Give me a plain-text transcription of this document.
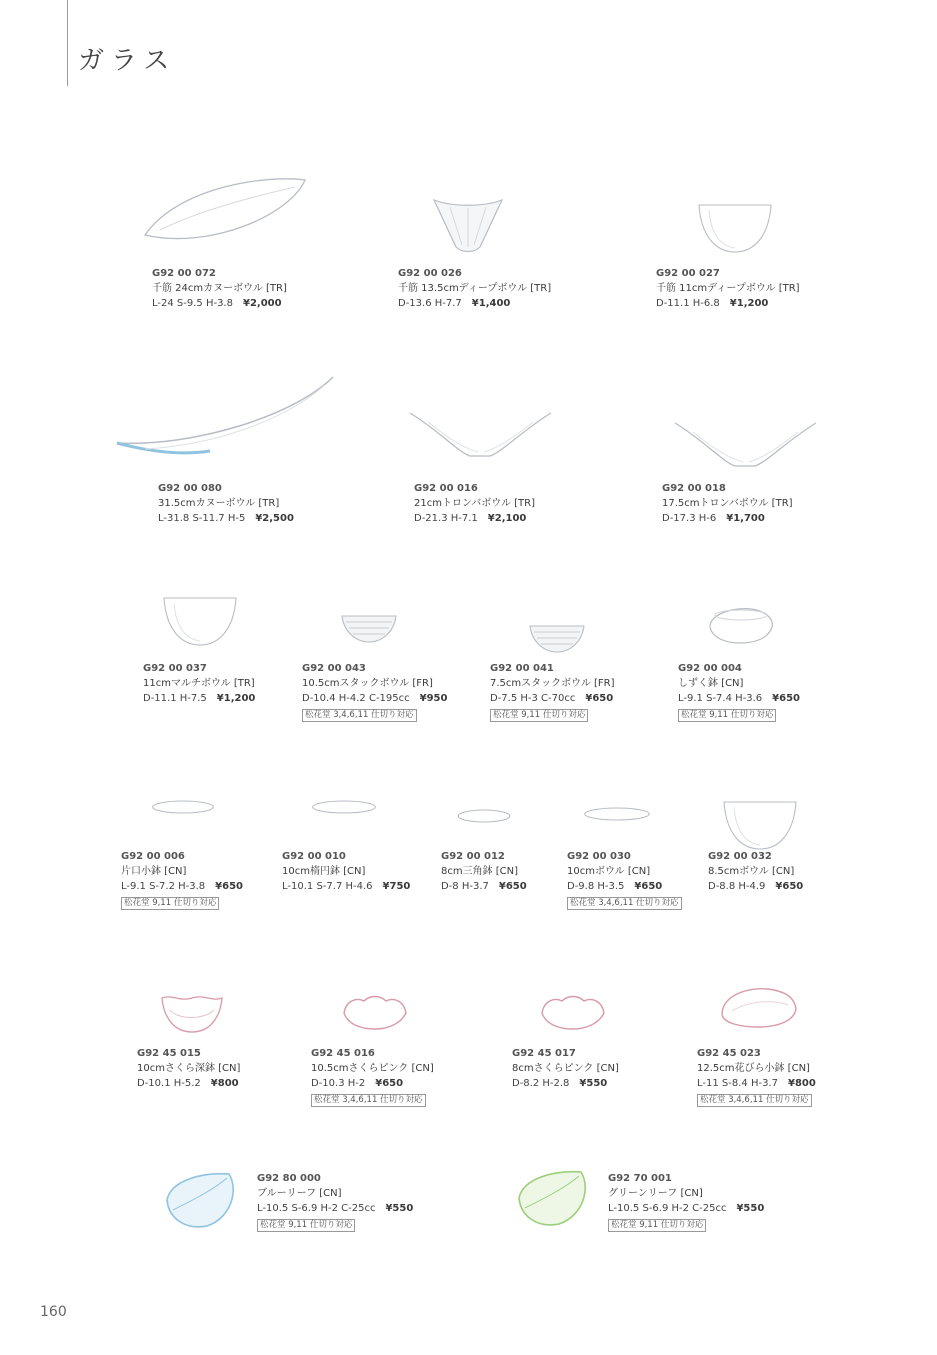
ガラス
G92 00 072
千筋 24cmカヌーボウル [TR]
L-24 S-9.5 H-3.8 ¥2,000
G92 00 026
千筋 13.5cmディープボウル [TR]
D-13.6 H-7.7 ¥1,400
G92 00 027
千筋 11cmディープボウル [TR]
D-11.1 H-6.8 ¥1,200
G92 00 080
31.5cmカヌーボウル [TR]
L-31.8 S-11.7 H-5 ¥2,500
G92 00 016
21cmトロンバボウル [TR]
D-21.3 H-7.1 ¥2,100
G92 00 018
17.5cmトロンバボウル [TR]
D-17.3 H-6 ¥1,700
G92 00 037
11cmマルチボウル [TR]
D-11.1 H-7.5 ¥1,200
G92 00 043
10.5cmスタックボウル [FR]
D-10.4 H-4.2 C-195cc ¥950
松花堂 3,4,6,11 仕切り対応
G92 00 041
7.5cmスタックボウル [FR]
D-7.5 H-3 C-70cc ¥650
松花堂 9,11 仕切り対応
G92 00 004
しずく鉢 [CN]
L-9.1 S-7.4 H-3.6 ¥650
松花堂 9,11 仕切り対応
G92 00 006
片口小鉢 [CN]
L-9.1 S-7.2 H-3.8 ¥650
松花堂 9,11 仕切り対応
G92 00 010
10cm楕円鉢 [CN]
L-10.1 S-7.7 H-4.6 ¥750
G92 00 012
8cm三角鉢 [CN]
D-8 H-3.7 ¥650
G92 00 030
10cmボウル [CN]
D-9.8 H-3.5 ¥650
松花堂 3,4,6,11 仕切り対応
G92 00 032
8.5cmボウル [CN]
D-8.8 H-4.9 ¥650
G92 45 015
10cmさくら深鉢 [CN]
D-10.1 H-5.2 ¥800
G92 45 016
10.5cmさくらピンク [CN]
D-10.3 H-2 ¥650
松花堂 3,4,6,11 仕切り対応
G92 45 017
8cmさくらピンク [CN]
D-8.2 H-2.8 ¥550
G92 45 023
12.5cm花びら小鉢 [CN]
L-11 S-8.4 H-3.7 ¥800
松花堂 3,4,6,11 仕切り対応
G92 80 000
ブルーリーフ [CN]
L-10.5 S-6.9 H-2 C-25cc ¥550
松花堂 9,11 仕切り対応
G92 70 001
グリーンリーフ [CN]
L-10.5 S-6.9 H-2 C-25cc ¥550
松花堂 9,11 仕切り対応
160
